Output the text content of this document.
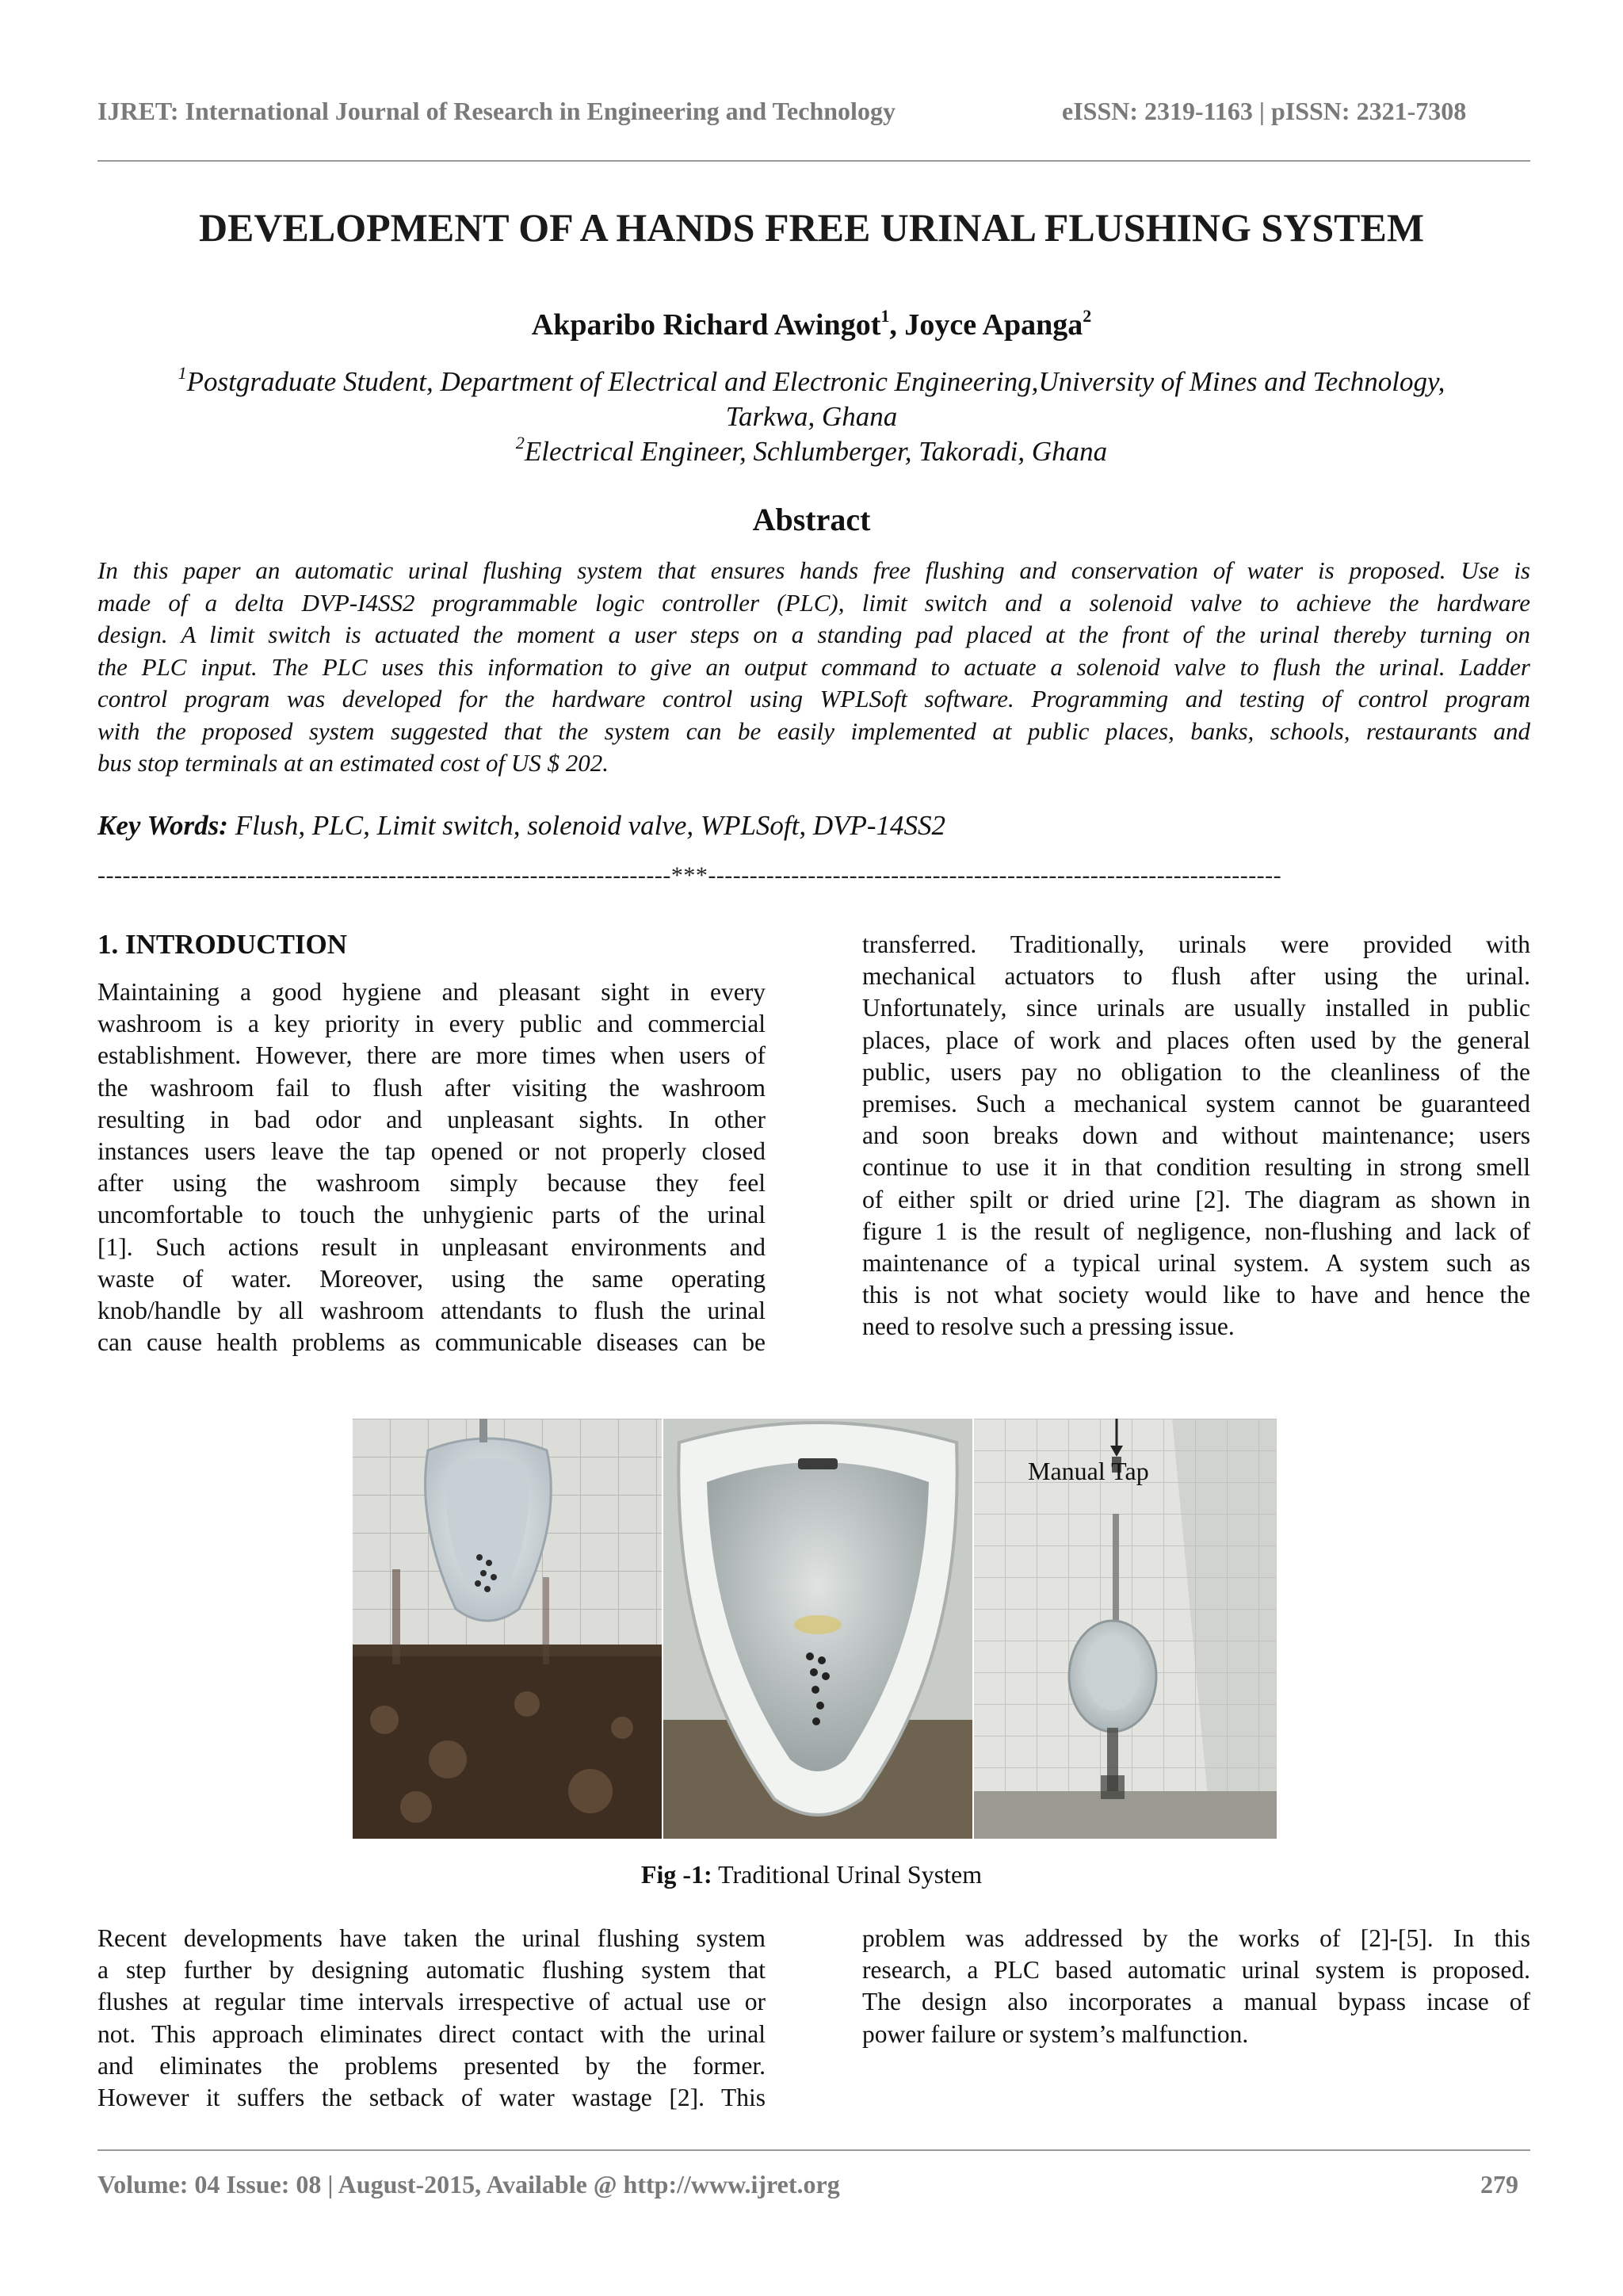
IJRET: International Journal of Research in Engineering and Technology	eISSN: 2319-1163 | pISSN: 2321-7308
DEVELOPMENT OF A HANDS FREE URINAL FLUSHING SYSTEM
Akparibo Richard Awingot$^1$, Joyce Apanga$^2$
$^1$Postgraduate Student, Department of Electrical and Electronic Engineering,University of Mines and Technology,
Tarkwa, Ghana
$^2$Electrical Engineer, Schlumberger, Takoradi, Ghana
Abstract
In this paper an automatic urinal flushing system that ensures hands free flushing and conservation of water is proposed. Use is
made of a delta DVP-I4SS2 programmable logic controller (PLC), limit switch and a solenoid valve to achieve the hardware
design. A limit switch is actuated the moment a user steps on a standing pad placed at the front of the urinal thereby turning on
the PLC input. The PLC uses this information to give an output command to actuate a solenoid valve to flush the urinal. Ladder
control program was developed for the hardware control using WPLSoft software. Programming and testing of control program
with the proposed system suggested that the system can be easily implemented at public places, banks, schools, restaurants and
bus stop terminals at an estimated cost of US $ 202.
Key Words: Flush, PLC, Limit switch, solenoid valve, WPLSoft, DVP-14SS2
---------------------------------------------------------------------***---------------------------------------------------------------------
1. INTRODUCTION
Maintaining a good hygiene and pleasant sight in every
washroom is a key priority in every public and commercial
establishment. However, there are more times when users of
the washroom fail to flush after visiting the washroom
resulting in bad odor and unpleasant sights. In other
instances users leave the tap opened or not properly closed
after using the washroom simply because they feel
uncomfortable to touch the unhygienic parts of the urinal
[1]. Such actions result in unpleasant environments and
waste of water. Moreover, using the same operating
knob/handle by all washroom attendants to flush the urinal
can cause health problems as communicable diseases can be
transferred. Traditionally, urinals were provided with
mechanical actuators to flush after using the urinal.
Unfortunately, since urinals are usually installed in public
places, place of work and places often used by the general
public, users pay no obligation to the cleanliness of the
premises. Such a mechanical system cannot be guaranteed
and soon breaks down and without maintenance; users
continue to use it in that condition resulting in strong smell
of either spilt or dried urine [2]. The diagram as shown in
figure 1 is the result of negligence, non-flushing and lack of
maintenance of a typical urinal system. A system such as
this is not what society would like to have and hence the
need to resolve such a pressing issue.
Manual Tap
Fig -1: Traditional Urinal System
Recent developments have taken the urinal flushing system
a step further by designing automatic flushing system that
flushes at regular time intervals irrespective of actual use or
not. This approach eliminates direct contact with the urinal
and eliminates the problems presented by the former.
However it suffers the setback of water wastage [2]. This
problem was addressed by the works of [2]-[5]. In this
research, a PLC based automatic urinal system is proposed.
The design also incorporates a manual bypass incase of
power failure or system’s malfunction.
Volume: 04 Issue: 08 | August-2015, Available @ http://www.ijret.org	279
